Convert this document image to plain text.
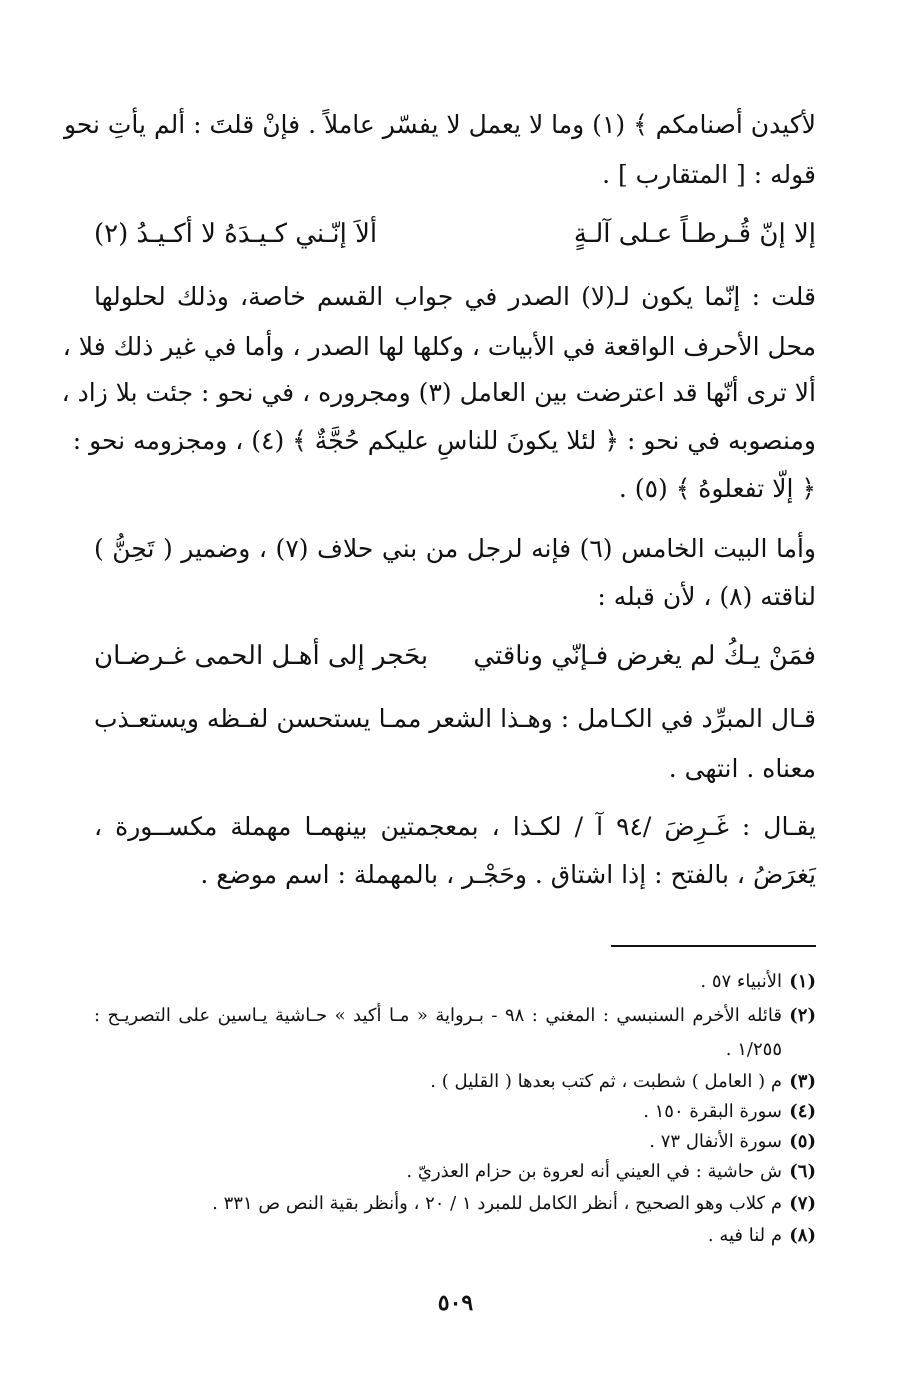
لأكيدن أصنامكم ﴾ (١) وما لا يعمل لا يفسّر عاملاً . فإنْ قلتَ : ألم يأتِ نحو
قوله : [ المتقارب ] .
إلا إنّ قُـرطـاً عـلى آلـةٍ
ألاَ إنّـني كـيـدَهُ لا أكـيـدُ (٢)
قلت : إنّما يكون لـ(لا) الصدر في جواب القسم خاصة، وذلك لحلولها
محل الأحرف الواقعة في الأبيات ، وكلها لها الصدر ، وأما في غير ذلك فلا ،
ألا ترى أنّها قد اعترضت بين العامل (٣) ومجروره ، في نحو : جئت بلا زاد ،
ومنصوبه في نحو : ﴿ لئلا يكونَ للناسِ عليكم حُجَّةٌ ﴾ (٤) ، ومجزومه نحو :
﴿ إلّا تفعلوهُ ﴾ (٥) .
وأما البيت الخامس (٦) فإنه لرجل من بني حلاف (٧) ، وضمير ( تَحِنُّ )
لناقته (٨) ، لأن قبله :
فمَنْ يـكُ لم يغرض فـإنّي وناقتي
بحَجر إلى أهـل الحمى غـرضـان
قـال المبرِّد في الكـامل : وهـذا الشعر ممـا يستحسن لفـظه ويستعـذب
معناه . انتهى .
يقـال : غَـرِضَ /٩٤ آ / لكـذا ، بمعجمتين بينهمـا مهملة مكســورة ،
يَغرَضُ ، بالفتح : إذا اشتاق . وحَجْـر ، بالمهملة : اسم موضع .
(١)الأنبياء ٥٧ .
(٢)قائله الأخرم السنبسي : المغني : ٩٨ - بـرواية « مـا أكيد » حـاشية يـاسين على التصريـح :
١/٢٥٥ .
(٣)م ( العامل ) شطبت ، ثم كتب بعدها ( القليل ) .
(٤)سورة البقرة ١٥٠ .
(٥)سورة الأنفال ٧٣ .
(٦)ش حاشية : في العيني أنه لعروة بن حزام العذريّ .
(٧)م كلاب وهو الصحيح ، أنظر الكامل للمبرد ١ / ٢٠ ، وأنظر بقية النص ص ٣٣١ .
(٨)م لنا فيه .
٥٠٩
